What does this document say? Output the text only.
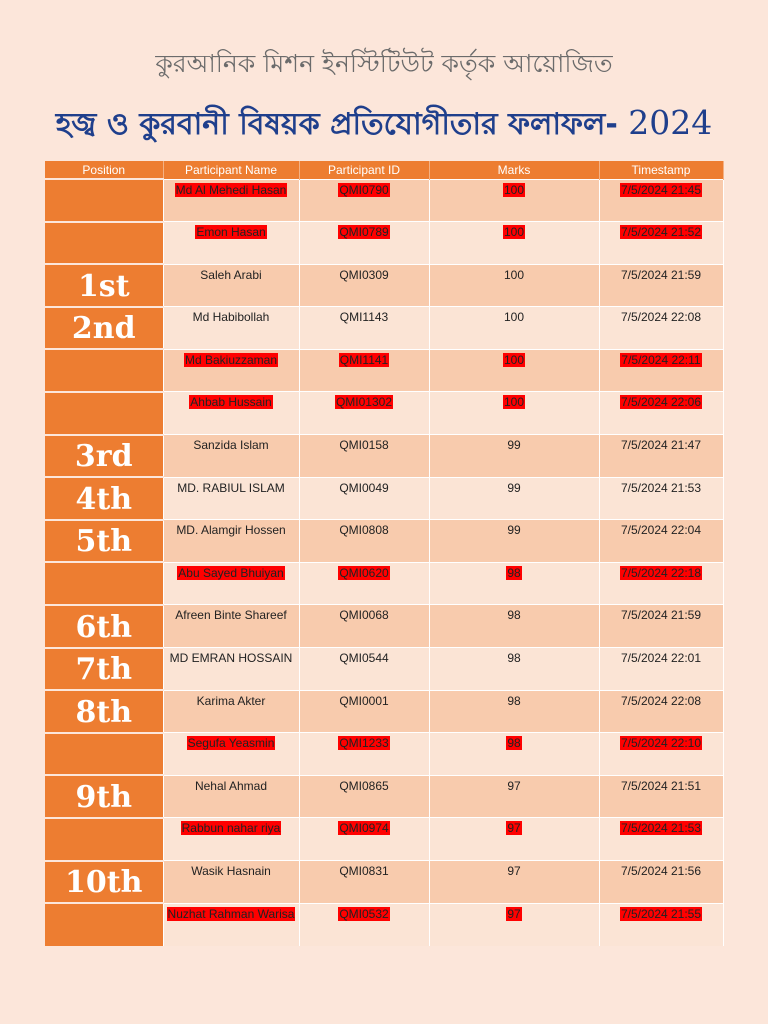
কুরআনিক মিশন ইনস্টিটিউট কর্তৃক আয়োজিত
হজ্ব ও কুরবানী বিষয়ক প্রতিযোগীতার ফলাফল- 2024
Position	Participant Name	Participant ID	Marks	Timestamp
	Md Al Mehedi Hasan	QMI0790	100	7/5/2024 21:45
	Emon Hasan	QMI0789	100	7/5/2024 21:52
1st	Saleh Arabi	QMI0309	100	7/5/2024 21:59
2nd	Md Habibollah	QMI1143	100	7/5/2024 22:08
	Md Bakiuzzaman	QMI1141	100	7/5/2024 22:11
	Ahbab Hussain	QMI01302	100	7/5/2024 22:06
3rd	Sanzida Islam	QMI0158	99	7/5/2024 21:47
4th	MD. RABIUL ISLAM	QMI0049	99	7/5/2024 21:53
5th	MD. Alamgir Hossen	QMI0808	99	7/5/2024 22:04
	Abu Sayed Bhuiyan	QMI0620	98	7/5/2024 22:18
6th	Afreen Binte Shareef	QMI0068	98	7/5/2024 21:59
7th	MD EMRAN HOSSAIN	QMI0544	98	7/5/2024 22:01
8th	Karima Akter	QMI0001	98	7/5/2024 22:08
	Segufa Yeasmin	QMI1233	98	7/5/2024 22:10
9th	Nehal Ahmad	QMI0865	97	7/5/2024 21:51
	Rabbun nahar riya	QMI0974	97	7/5/2024 21:53
10th	Wasik Hasnain	QMI0831	97	7/5/2024 21:56
	Nuzhat Rahman Warisa	QMI0532	97	7/5/2024 21:55
